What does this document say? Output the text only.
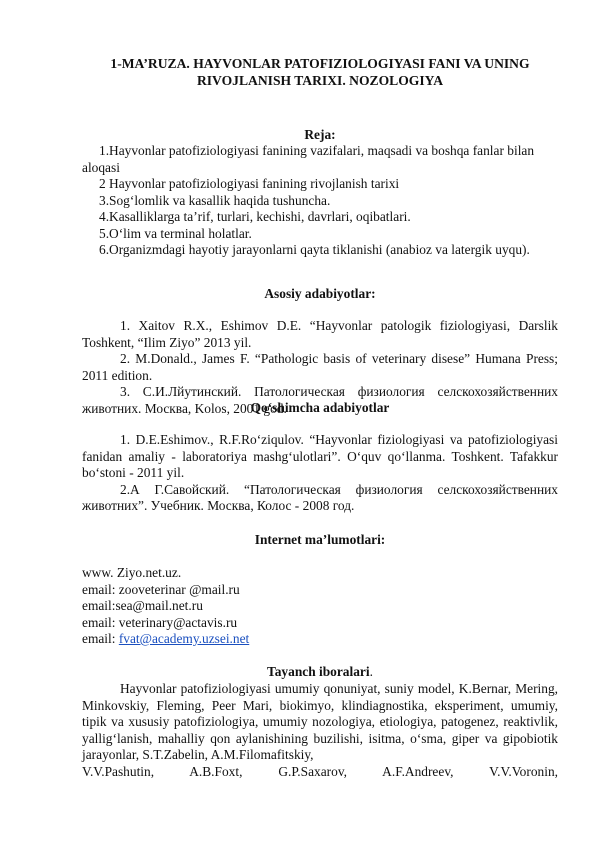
1-MA’RUZA. HAYVONLAR PATOFIZIOLOGIYASI FANI VA UNING
RIVOJLANISH TARIXI. NOZOLOGIYA
Reja:
1.Hayvonlar patofiziologiyasi fanining vazifalari, maqsadi va boshqa fanlar bilan aloqasi
2 Hayvonlar patofiziologiyasi fanining rivojlanish tarixi
3.Sog‘lomlik va kasallik haqida tushuncha.
4.Kasalliklarga ta’rif, turlari, kechishi, davrlari, oqibatlari.
5.O‘lim va terminal holatlar.
6.Organizmdagi hayotiy jarayonlarni qayta tiklanishi (anabioz va latergik uyqu).
Asosiy adabiyotlar:
1. Xaitov R.X., Eshimov D.E. “Hayvonlar patologik fiziologiyasi, Darslik Toshkent, “Ilim Ziyo” 2013 yil.
2. M.Donald., James F. “Pathologic basis of veterinary disese” Humana Press; 2011 edition.
3. С.И.Лйутинский. Патологическая физиология селскохозяйственних животних. Москва, Kolos, 2001 god.
Qo‘shimcha adabiyotlar
1. D.E.Eshimov., R.F.Ro‘ziqulov. “Hayvonlar fiziologiyasi va patofiziologiyasi fanidan amaliy - laboratoriya mashg‘ulotlari”. O‘quv qo‘llanma. Toshkent. Tafakkur bo‘stoni - 2011 yil.
2.А Г.Савойский. “Патологическая физиология селскохозяйственних животних”. Учебник. Москва, Колос - 2008 год.
Internet ma’lumotlari:
www. Ziyo.net.uz.
email: zooveterinar @mail.ru
email:sea@mail.net.ru
email: veterinary@actavis.ru
email: fvat@academy.uzsei.net
Tayanch iboralari.
Hayvonlar patofiziologiyasi umumiy qonuniyat, suniy model, K.Bernar, Mering, Minkovskiy, Fleming, Peer Mari, biokimyo, klindiagnostika, eksperiment, umumiy, tipik va xususiy patofiziologiya, umumiy nozologiya, etiologiya, patogenez, reaktivlik, yallig‘lanish, mahalliy qon aylanishining buzilishi, isitma, o‘sma, giper va gipobiotik jarayonlar, S.T.Zabelin, A.M.Filomafitskiy,
V.V.Pashutin, A.B.Foxt, G.P.Saxarov, A.F.Andreev, V.V.Voronin,
